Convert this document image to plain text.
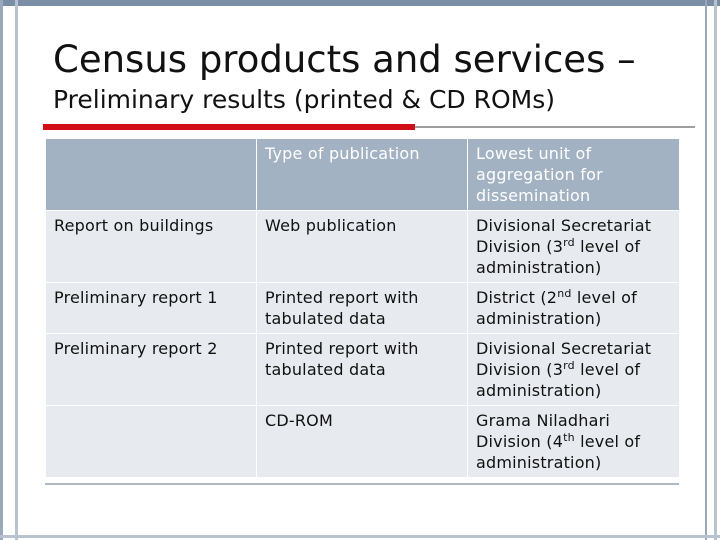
Census products and services –
Preliminary results (printed & CD ROMs)
	Type of publication	Lowest unit of aggregation for dissemination
Report on buildings	Web publication	Divisional Secretariat Division (3rd level of administration)
Preliminary report 1	Printed report with tabulated data	District (2nd level of administration)
Preliminary report 2	Printed report with tabulated data	Divisional Secretariat Division (3rd level of administration)
	CD-ROM	Grama Niladhari Division (4th level of administration)
